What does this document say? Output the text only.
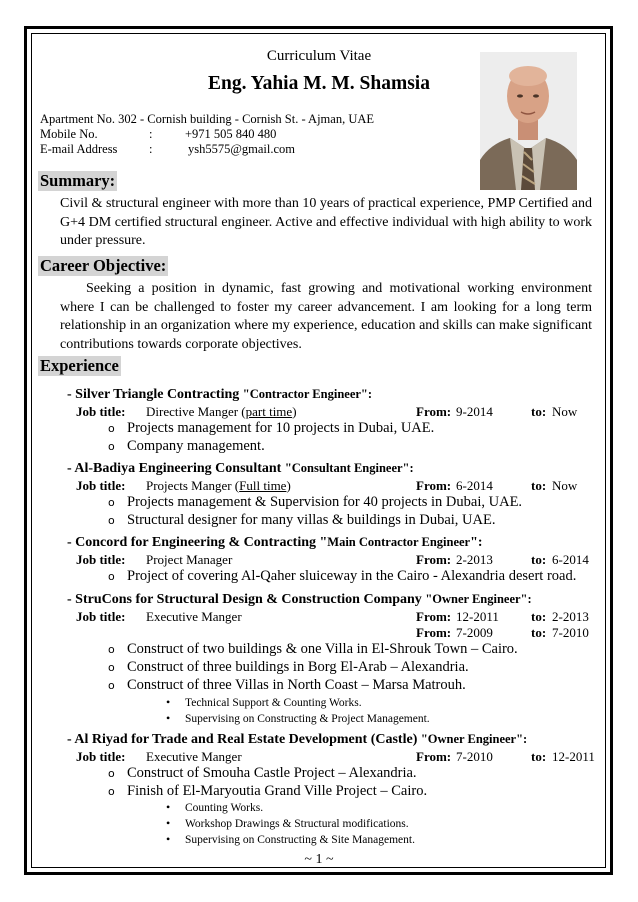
Curriculum Vitae
Eng. Yahia M. M. Shamsia
Apartment No. 302 - Cornish building - Cornish St. - Ajman, UAE
Mobile No.	:	+971 505 840 480
E-mail Address	:	ysh5575@gmail.com
Summary:
Civil & structural engineer with more than 10 years of practical experience, PMP Certified and G+4 DM certified structural engineer. Active and effective individual with high ability to work under pressure.
Career Objective:
Seeking a position in dynamic, fast growing and motivational working environment where I can be challenged to foster my career advancement. I am looking for a long term relationship in an organization where my experience, education and skills can make significant contributions towards corporate objectives.
Experience
- Silver Triangle Contracting "Contractor Engineer":
Job title: Directive Manger (part time)	From: 9-2014	to: Now
o Projects management for 10 projects in Dubai, UAE.
o Company management.
- Al-Badiya Engineering Consultant "Consultant Engineer":
Job title: Projects Manger (Full time)	From: 6-2014	to: Now
o Projects management & Supervision for 40 projects in Dubai, UAE.
o Structural designer for many villas & buildings in Dubai, UAE.
- Concord for Engineering & Contracting "Main Contractor Engineer":
Job title: Project Manager	From: 2-2013	to: 6-2014
o Project of covering Al-Qaher sluiceway in the Cairo - Alexandria desert road.
- StruCons for Structural Design & Construction Company "Owner Engineer":
Job title: Executive Manger	From: 12-2011 to: 2-2013
From: 7-2009	to: 7-2010
o Construct of two buildings & one Villa in El-Shrouk Town – Cairo.
o Construct of three buildings in Borg El-Arab – Alexandria.
o Construct of three Villas in North Coast – Marsa Matrouh.
• Technical Support & Counting Works.
• Supervising on Constructing & Project Management.
- Al Riyad for Trade and Real Estate Development (Castle) "Owner Engineer":
Job title: Executive Manger	From: 7-2010	to: 12-2011
o Construct of Smouha Castle Project – Alexandria.
o Finish of El-Maryoutia Grand Ville Project – Cairo.
• Counting Works.
• Workshop Drawings & Structural modifications.
• Supervising on Constructing & Site Management.
~ 1 ~
